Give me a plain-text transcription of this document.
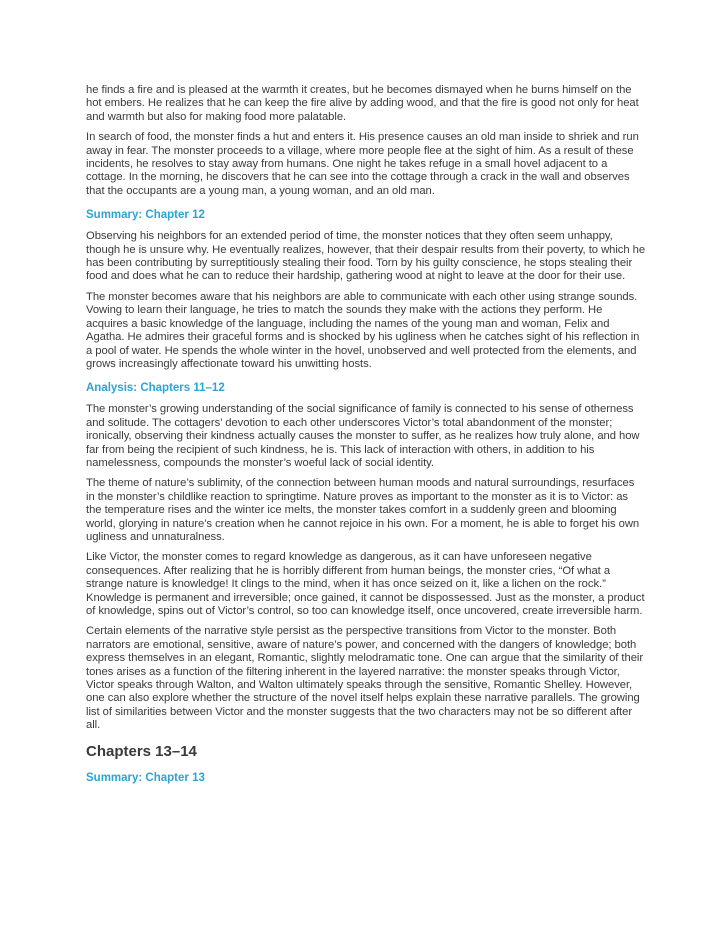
he finds a fire and is pleased at the warmth it creates, but he becomes dismayed when he burns himself on the hot embers. He realizes that he can keep the fire alive by adding wood, and that the fire is good not only for heat and warmth but also for making food more palatable.

In search of food, the monster finds a hut and enters it. His presence causes an old man inside to shriek and run away in fear. The monster proceeds to a village, where more people flee at the sight of him. As a result of these incidents, he resolves to stay away from humans. One night he takes refuge in a small hovel adjacent to a cottage. In the morning, he discovers that he can see into the cottage through a crack in the wall and observes that the occupants are a young man, a young woman, and an old man.

Summary: Chapter 12

Observing his neighbors for an extended period of time, the monster notices that they often seem unhappy, though he is unsure why. He eventually realizes, however, that their despair results from their poverty, to which he has been contributing by surreptitiously stealing their food. Torn by his guilty conscience, he stops stealing their food and does what he can to reduce their hardship, gathering wood at night to leave at the door for their use.

The monster becomes aware that his neighbors are able to communicate with each other using strange sounds. Vowing to learn their language, he tries to match the sounds they make with the actions they perform. He acquires a basic knowledge of the language, including the names of the young man and woman, Felix and Agatha. He admires their graceful forms and is shocked by his ugliness when he catches sight of his reflection in a pool of water. He spends the whole winter in the hovel, unobserved and well protected from the elements, and grows increasingly affectionate toward his unwitting hosts.

Analysis: Chapters 11–12

The monster’s growing understanding of the social significance of family is connected to his sense of otherness and solitude. The cottagers’ devotion to each other underscores Victor’s total abandonment of the monster; ironically, observing their kindness actually causes the monster to suffer, as he realizes how truly alone, and how far from being the recipient of such kindness, he is. This lack of interaction with others, in addition to his namelessness, compounds the monster’s woeful lack of social identity.

The theme of nature’s sublimity, of the connection between human moods and natural surroundings, resurfaces in the monster’s childlike reaction to springtime. Nature proves as important to the monster as it is to Victor: as the temperature rises and the winter ice melts, the monster takes comfort in a suddenly green and blooming world, glorying in nature’s creation when he cannot rejoice in his own. For a moment, he is able to forget his own ugliness and unnaturalness.

Like Victor, the monster comes to regard knowledge as dangerous, as it can have unforeseen negative consequences. After realizing that he is horribly different from human beings, the monster cries, “Of what a strange nature is knowledge! It clings to the mind, when it has once seized on it, like a lichen on the rock.” Knowledge is permanent and irreversible; once gained, it cannot be dispossessed. Just as the monster, a product of knowledge, spins out of Victor’s control, so too can knowledge itself, once uncovered, create irreversible harm.

Certain elements of the narrative style persist as the perspective transitions from Victor to the monster. Both narrators are emotional, sensitive, aware of nature’s power, and concerned with the dangers of knowledge; both express themselves in an elegant, Romantic, slightly melodramatic tone. One can argue that the similarity of their tones arises as a function of the filtering inherent in the layered narrative: the monster speaks through Victor, Victor speaks through Walton, and Walton ultimately speaks through the sensitive, Romantic Shelley. However, one can also explore whether the structure of the novel itself helps explain these narrative parallels. The growing list of similarities between Victor and the monster suggests that the two characters may not be so different after all.

Chapters 13–14
Summary: Chapter 13
